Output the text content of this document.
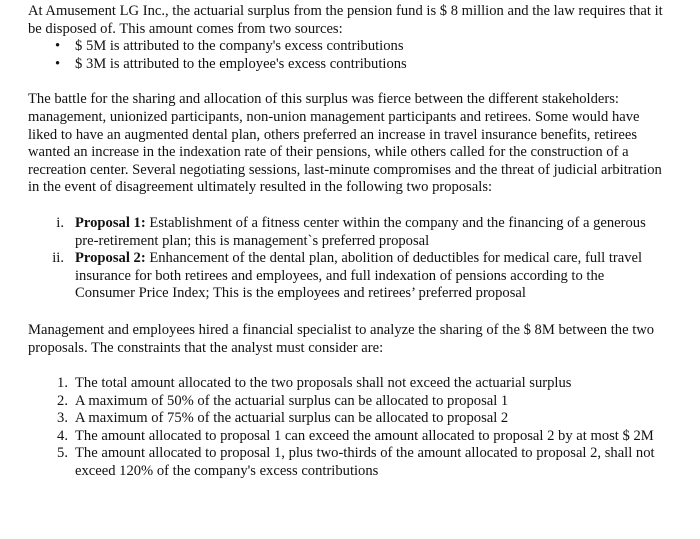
At Amusement LG Inc., the actuarial surplus from the pension fund is $ 8 million and the law requires that it be disposed of. This amount comes from two sources:

• $ 5M is attributed to the company's excess contributions
• $ 3M is attributed to the employee's excess contributions

The battle for the sharing and allocation of this surplus was fierce between the different stakeholders: management, unionized participants, non-union management participants and retirees. Some would have liked to have an augmented dental plan, others preferred an increase in travel insurance benefits, retirees wanted an increase in the indexation rate of their pensions, while others called for the construction of a recreation center. Several negotiating sessions, last-minute compromises and the threat of judicial arbitration in the event of disagreement ultimately resulted in the following two proposals:

i. Proposal 1: Establishment of a fitness center within the company and the financing of a generous pre-retirement plan; this is management`s preferred proposal
ii. Proposal 2: Enhancement of the dental plan, abolition of deductibles for medical care, full travel insurance for both retirees and employees, and full indexation of pensions according to the Consumer Price Index; This is the employees and retirees’ preferred proposal

Management and employees hired a financial specialist to analyze the sharing of the $ 8M between the two proposals. The constraints that the analyst must consider are:

1. The total amount allocated to the two proposals shall not exceed the actuarial surplus
2. A maximum of 50% of the actuarial surplus can be allocated to proposal 1
3. A maximum of 75% of the actuarial surplus can be allocated to proposal 2
4. The amount allocated to proposal 1 can exceed the amount allocated to proposal 2 by at most $ 2M
5. The amount allocated to proposal 1, plus two-thirds of the amount allocated to proposal 2, shall not exceed 120% of the company's excess contributions
